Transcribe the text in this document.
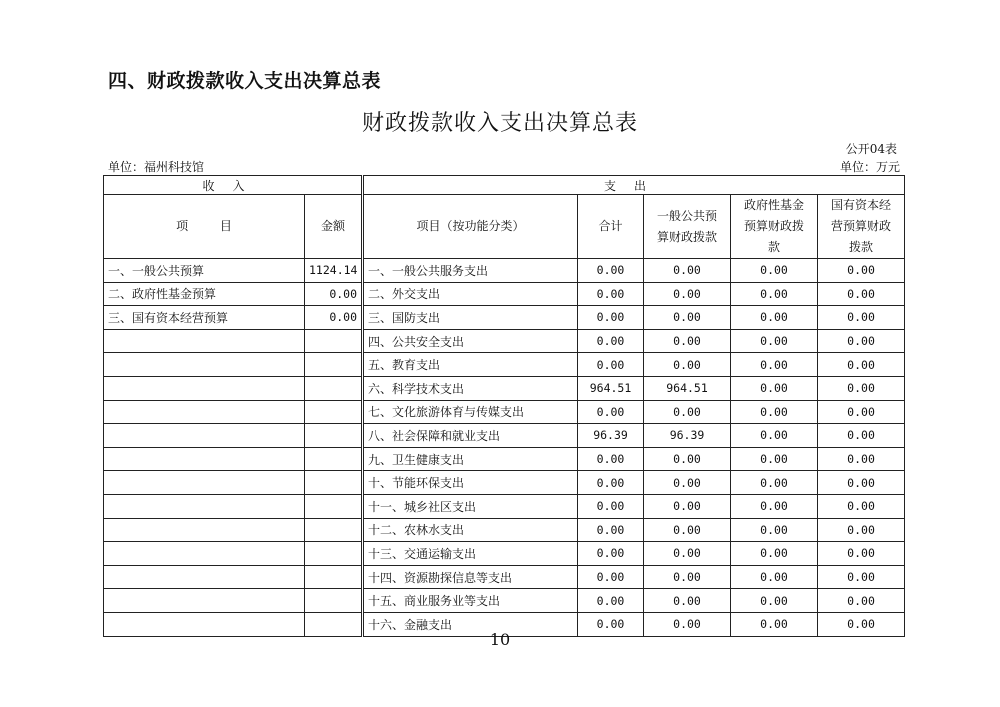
四、财政拨款收入支出决算总表
财政拨款收入支出决算总表
公开04表
单位：福州科技馆	单位：万元
收入		支出				
项 目	金额	项目（按功能分类）	合计	一般公共预算财政拨款	政府性基金预算财政拨款	国有资本经营预算财政拨款
一、一般公共预算	1124.14	一、一般公共服务支出	0.00	0.00	0.00	0.00
二、政府性基金预算	0.00	二、外交支出	0.00	0.00	0.00	0.00
三、国有资本经营预算	0.00	三、国防支出	0.00	0.00	0.00	0.00
		四、公共安全支出	0.00	0.00	0.00	0.00
		五、教育支出	0.00	0.00	0.00	0.00
		六、科学技术支出	964.51	964.51	0.00	0.00
		七、文化旅游体育与传媒支出	0.00	0.00	0.00	0.00
		八、社会保障和就业支出	96.39	96.39	0.00	0.00
		九、卫生健康支出	0.00	0.00	0.00	0.00
		十、节能环保支出	0.00	0.00	0.00	0.00
		十一、城乡社区支出	0.00	0.00	0.00	0.00
		十二、农林水支出	0.00	0.00	0.00	0.00
		十三、交通运输支出	0.00	0.00	0.00	0.00
		十四、资源勘探信息等支出	0.00	0.00	0.00	0.00
		十五、商业服务业等支出	0.00	0.00	0.00	0.00
		十六、金融支出	0.00	0.00	0.00	0.00
10
